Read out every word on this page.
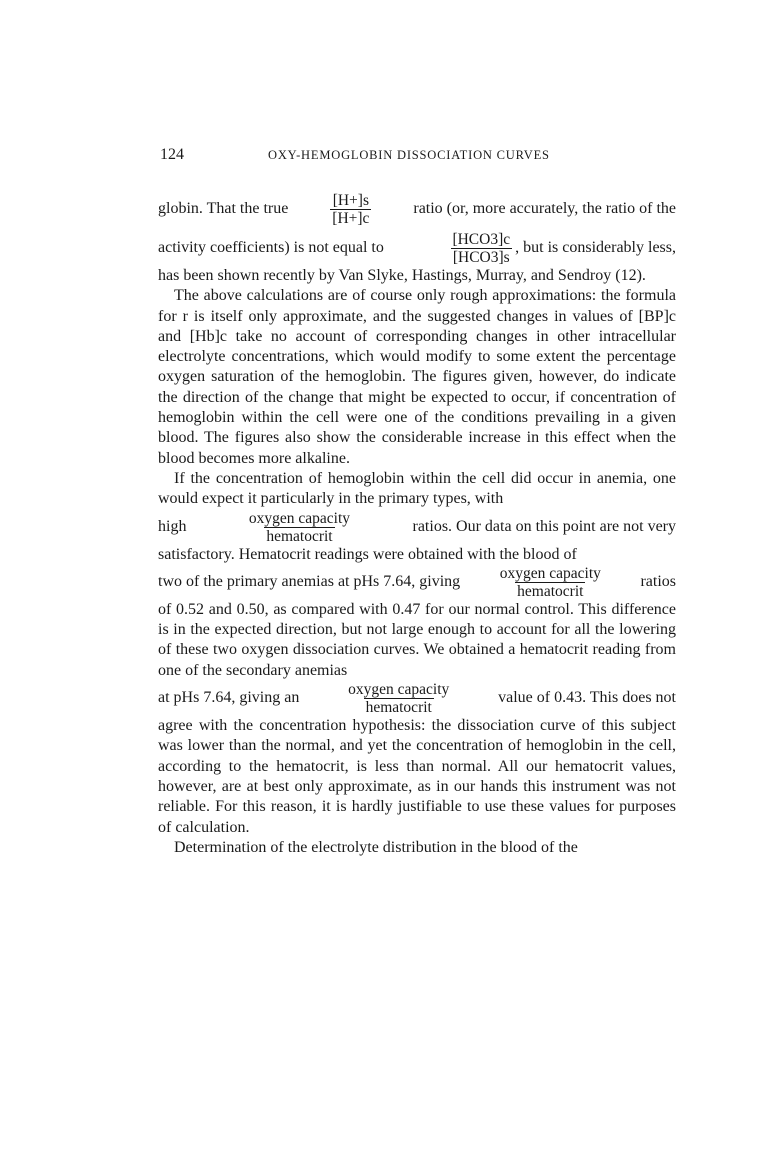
124	OXY-HEMOGLOBIN DISSOCIATION CURVES
globin. That the true	$\frac{[H+]s}{[H+]c}$	ratio (or, more accurately, the ratio of the
activity coefficients) is not equal to	$\frac{\text{[HCO3]c}}{\text{[HCO3]s}}$ , but is considerably less,

has been shown recently by Van Slyke, Hastings, Murray, and Sendroy (12).

The above calculations are of course only rough approximations: the formula for r is itself only approximate, and the suggested changes in values of [BP]c and [Hb]c take no account of corresponding changes in other intracellular electrolyte concentrations, which would modify to some extent the percentage oxygen saturation of the hemoglobin. The figures given, however, do indicate the direction of the change that might be expected to occur, if concentration of hemoglobin within the cell were one of the conditions prevailing in a given blood. The figures also show the considerable increase in this effect when the blood becomes more alkaline.

If the concentration of hemoglobin within the cell did occur in anemia, one would expect it particularly in the primary types, with

high	$\frac{\text{oxygen capacity}}{\text{hematocrit}}$	ratios. Our data on this point are not very

satisfactory. Hematocrit readings were obtained with the blood of

two of the primary anemias at pHs 7.64, giving $\frac{\text{oxygen capacity}}{\text{hematocrit}}$ ratios

of 0.52 and 0.50, as compared with 0.47 for our normal control. This difference is in the expected direction, but not large enough to account for all the lowering of these two oxygen dissociation curves. We obtained a hematocrit reading from one of the secondary anemias

at pHs 7.64, giving an	$\frac{\text{oxygen capacity}}{\text{hematocrit}}$	value of 0.43. This does not

agree with the concentration hypothesis: the dissociation curve of this subject was lower than the normal, and yet the concentration of hemoglobin in the cell, according to the hematocrit, is less than normal. All our hematocrit values, however, are at best only approximate, as in our hands this instrument was not reliable. For this reason, it is hardly justifiable to use these values for purposes of calculation.

Determination of the electrolyte distribution in the blood of the
